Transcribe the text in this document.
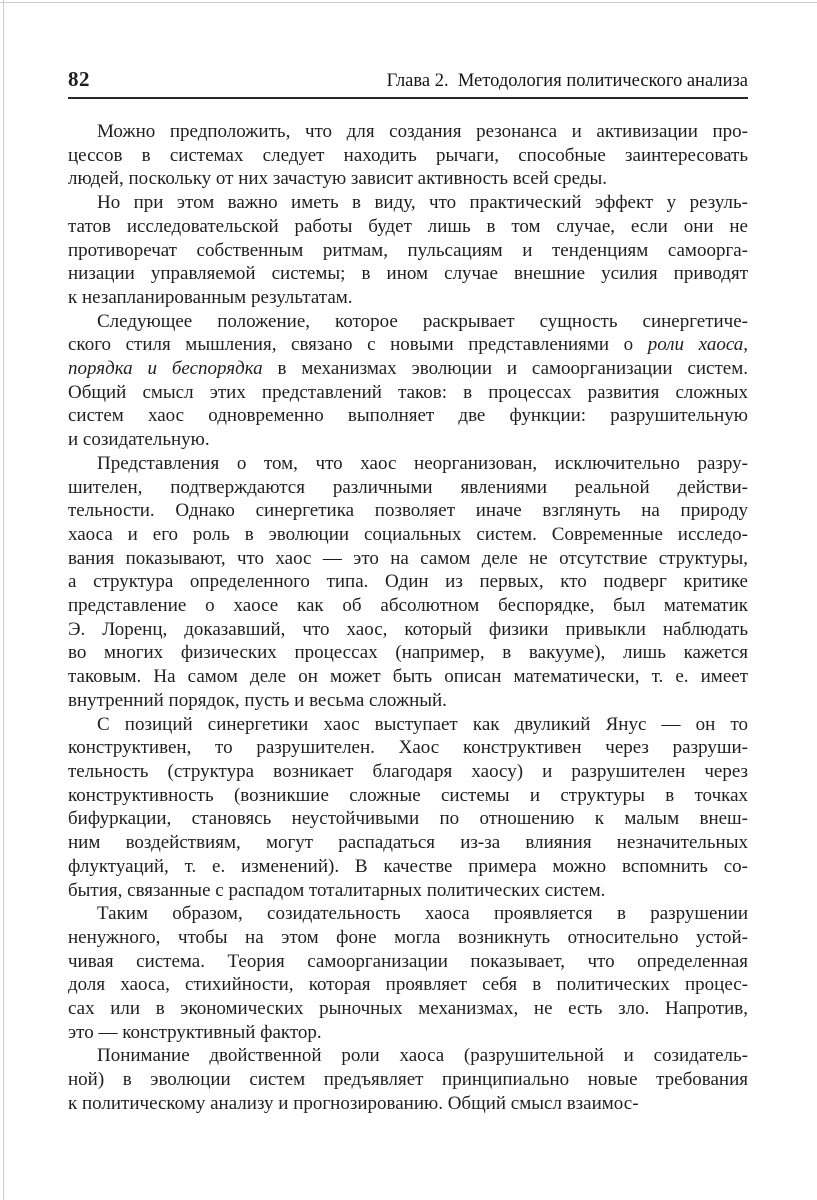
82	Глава 2.  Методология политического анализа
Можно предположить, что для создания резонанса и активизации про-
цессов в системах следует находить рычаги, способные заинтересовать
людей, поскольку от них зачастую зависит активность всей среды.
Но при этом важно иметь в виду, что практический эффект у резуль-
татов исследовательской работы будет лишь в том случае, если они не
противоречат собственным ритмам, пульсациям и тенденциям самоорга-
низации управляемой системы; в ином случае внешние усилия приводят
к незапланированным результатам.
Следующее положение, которое раскрывает сущность синергетиче-
ского стиля мышления, связано с новыми представлениями о роли хаоса,
порядка и беспорядка в механизмах эволюции и самоорганизации систем.
Общий смысл этих представлений таков: в процессах развития сложных
систем хаос одновременно выполняет две функции: разрушительную
и созидательную.
Представления о том, что хаос неорганизован, исключительно разру-
шителен, подтверждаются различными явлениями реальной действи-
тельности. Однако синергетика позволяет иначе взглянуть на природу
хаоса и его роль в эволюции социальных систем. Современные исследо-
вания показывают, что хаос — это на самом деле не отсутствие структуры,
а структура определенного типа. Один из первых, кто подверг критике
представление о хаосе как об абсолютном беспорядке, был математик
Э. Лоренц, доказавший, что хаос, который физики привыкли наблюдать
во многих физических процессах (например, в вакууме), лишь кажется
таковым. На самом деле он может быть описан математически, т. е. имеет
внутренний порядок, пусть и весьма сложный.
С позиций синергетики хаос выступает как двуликий Янус — он то
конструктивен, то разрушителен. Хаос конструктивен через разруши-
тельность (структура возникает благодаря хаосу) и разрушителен через
конструктивность (возникшие сложные системы и структуры в точках
бифуркации, становясь неустойчивыми по отношению к малым внеш-
ним воздействиям, могут распадаться из-за влияния незначительных
флуктуаций, т. е. изменений). В качестве примера можно вспомнить со-
бытия, связанные с распадом тоталитарных политических систем.
Таким образом, созидательность хаоса проявляется в разрушении
ненужного, чтобы на этом фоне могла возникнуть относительно устой-
чивая система. Теория самоорганизации показывает, что определенная
доля хаоса, стихийности, которая проявляет себя в политических процес-
сах или в экономических рыночных механизмах, не есть зло. Напротив,
это — конструктивный фактор.
Понимание двойственной роли хаоса (разрушительной и созидатель-
ной) в эволюции систем предъявляет принципиально новые требования
к политическому анализу и прогнозированию. Общий смысл взаимос-
